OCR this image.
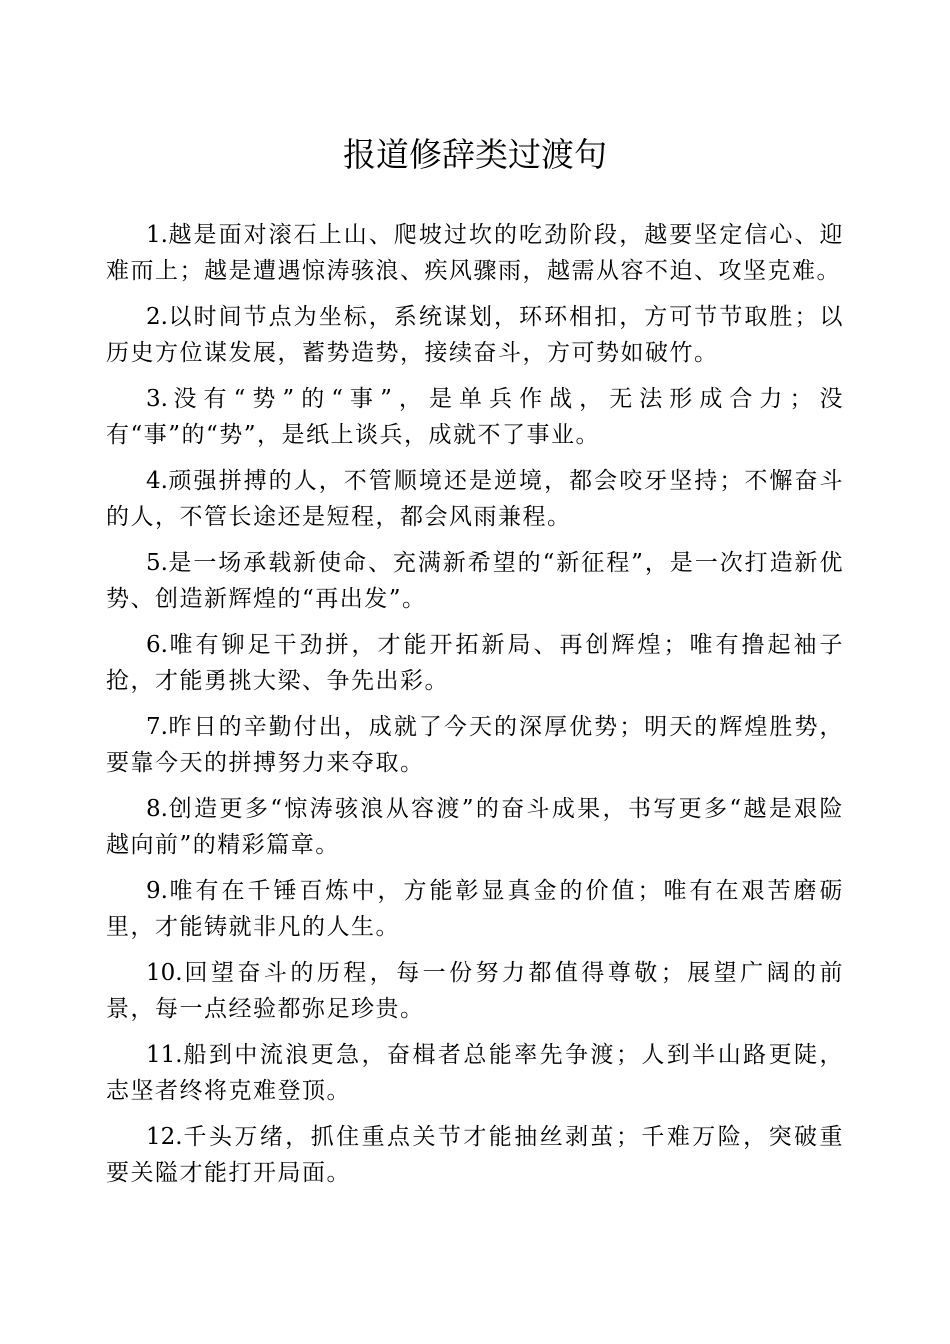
报道修辞类过渡句

1.越是面对滚石上山、爬坡过坎的吃劲阶段，越要坚定信心、迎难而上；越是遭遇惊涛骇浪、疾风骤雨，越需从容不迫、攻坚克难。

2.以时间节点为坐标，系统谋划，环环相扣，方可节节取胜；以历史方位谋发展，蓄势造势，接续奋斗，方可势如破竹。

3.没有“势”的“事”，是单兵作战，无法形成合力；没有“事”的“势”，是纸上谈兵，成就不了事业。

4.顽强拼搏的人，不管顺境还是逆境，都会咬牙坚持；不懈奋斗的人，不管长途还是短程，都会风雨兼程。

5.是一场承载新使命、充满新希望的“新征程”，是一次打造新优势、创造新辉煌的“再出发”。

6.唯有铆足干劲拼，才能开拓新局、再创辉煌；唯有撸起袖子抢，才能勇挑大梁、争先出彩。

7.昨日的辛勤付出，成就了今天的深厚优势；明天的辉煌胜势，要靠今天的拼搏努力来夺取。

8.创造更多“惊涛骇浪从容渡”的奋斗成果，书写更多“越是艰险越向前”的精彩篇章。

9.唯有在千锤百炼中，方能彰显真金的价值；唯有在艰苦磨砺里，才能铸就非凡的人生。

10.回望奋斗的历程，每一份努力都值得尊敬；展望广阔的前景，每一点经验都弥足珍贵。

11.船到中流浪更急，奋楫者总能率先争渡；人到半山路更陡，志坚者终将克难登顶。

12.千头万绪，抓住重点关节才能抽丝剥茧；千难万险，突破重要关隘才能打开局面。
